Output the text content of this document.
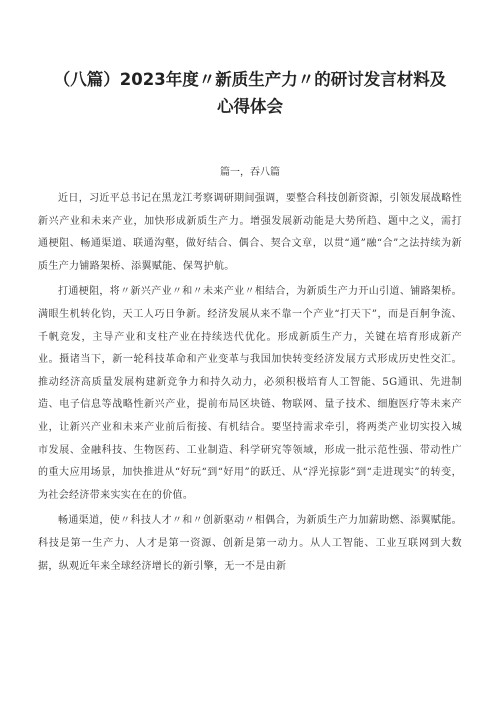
（八篇）2023年度〃新质生产力〃的研讨发言材料及心得体会
篇一，吞八篇

近日，习近平总书记在黑龙江考察调研期间强调，要整合科技创新资源，引领发展战略性新兴产业和未来产业，加快形成新质生产力。增强发展新动能是大势所趋、题中之义，需打通梗阻、畅通渠道、联通沟壑，做好结合、偶合、契合文章，以贯“通”融“合”之法持续为新质生产力铺路架桥、添翼赋能、保驾护航。

打通梗阻，将〃新兴产业〃和〃未来产业〃相结合，为新质生产力开山引道、铺路架桥。满眼生机转化钧，天工人巧日争新。经济发展从来不靠一个产业“打天下”，而是百舸争流、千帆竞发，主导产业和支柱产业在持续迭代优化。形成新质生产力，关键在培育形成新产业。摄诸当下，新一轮科技革命和产业变革与我国加快转变经济发展方式形成历史性交汇。推动经济高质量发展构建新竞争力和持久动力，必须积极培育人工智能、5G通讯、先进制造、电子信息等战略性新兴产业，提前布局区块链、物联网、量子技术、细胞医疗等未来产业，让新兴产业和未来产业前后衔接、有机结合。要坚持需求牵引，将两类产业切实投入城市发展、金融科技、生物医药、工业制造、科学研究等领域，形成一批示范性强、带动性广的重大应用场景，加快推进从“好玩“到“好用”的跃迁、从“浮光掠影”到“走进现实”的转变，为社会经济带来实实在在的价值。

畅通渠道，使〃科技人才〃和〃创新驱动〃相偶合，为新质生产力加薪助燃、添翼赋能。科技是第一生产力、人才是第一资源、创新是第一动力。从人工智能、工业互联网到大数据，纵观近年来全球经济增长的新引擎，无一不是由新
